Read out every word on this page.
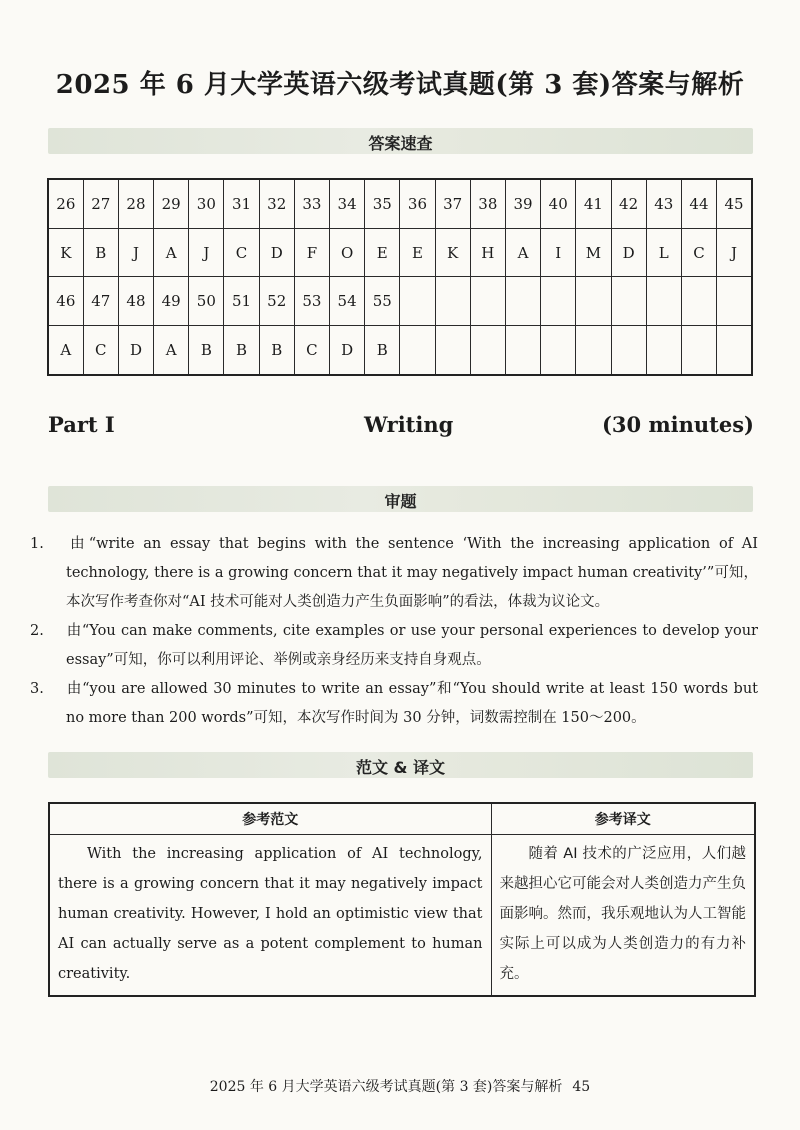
2025 年 6 月大学英语六级考试真题(第 3 套)答案与解析
答案速查
26	27	28	29	30	31	32	33	34	35	36	37	38	39	40	41	42	43	44	45
K	B	J	A	J	C	D	F	O	E	E	K	H	A	I	M	D	L	C	J
46	47	48	49	50	51	52	53	54	55										
A	C	D	A	B	B	B	C	D	B										
Part Ⅰ	Writing	(30 minutes)
审题
1. 由“write an essay that begins with the sentence ‘With the increasing application of AI technology, there is a growing concern that it may negatively impact human creativity’”可知，本次写作考查你对“AI 技术可能对人类创造力产生负面影响”的看法，体裁为议论文。
2. 由“You can make comments, cite examples or use your personal experiences to develop your essay”可知，你可以利用评论、举例或亲身经历来支持自身观点。
3. 由“you are allowed 30 minutes to write an essay”和“You should write at least 150 words but no more than 200 words”可知，本次写作时间为 30 分钟，词数需控制在 150～200。
范文 & 译文
参考范文	参考译文
With the increasing application of AI technology, there is a growing concern that it may negatively impact human creativity. However, I hold an optimistic view that AI can actually serve as a potent complement to human creativity.	随着 AI 技术的广泛应用，人们越来越担心它可能会对人类创造力产生负面影响。然而，我乐观地认为人工智能实际上可以成为人类创造力的有力补充。
2025 年 6 月大学英语六级考试真题(第 3 套)答案与解析 45
